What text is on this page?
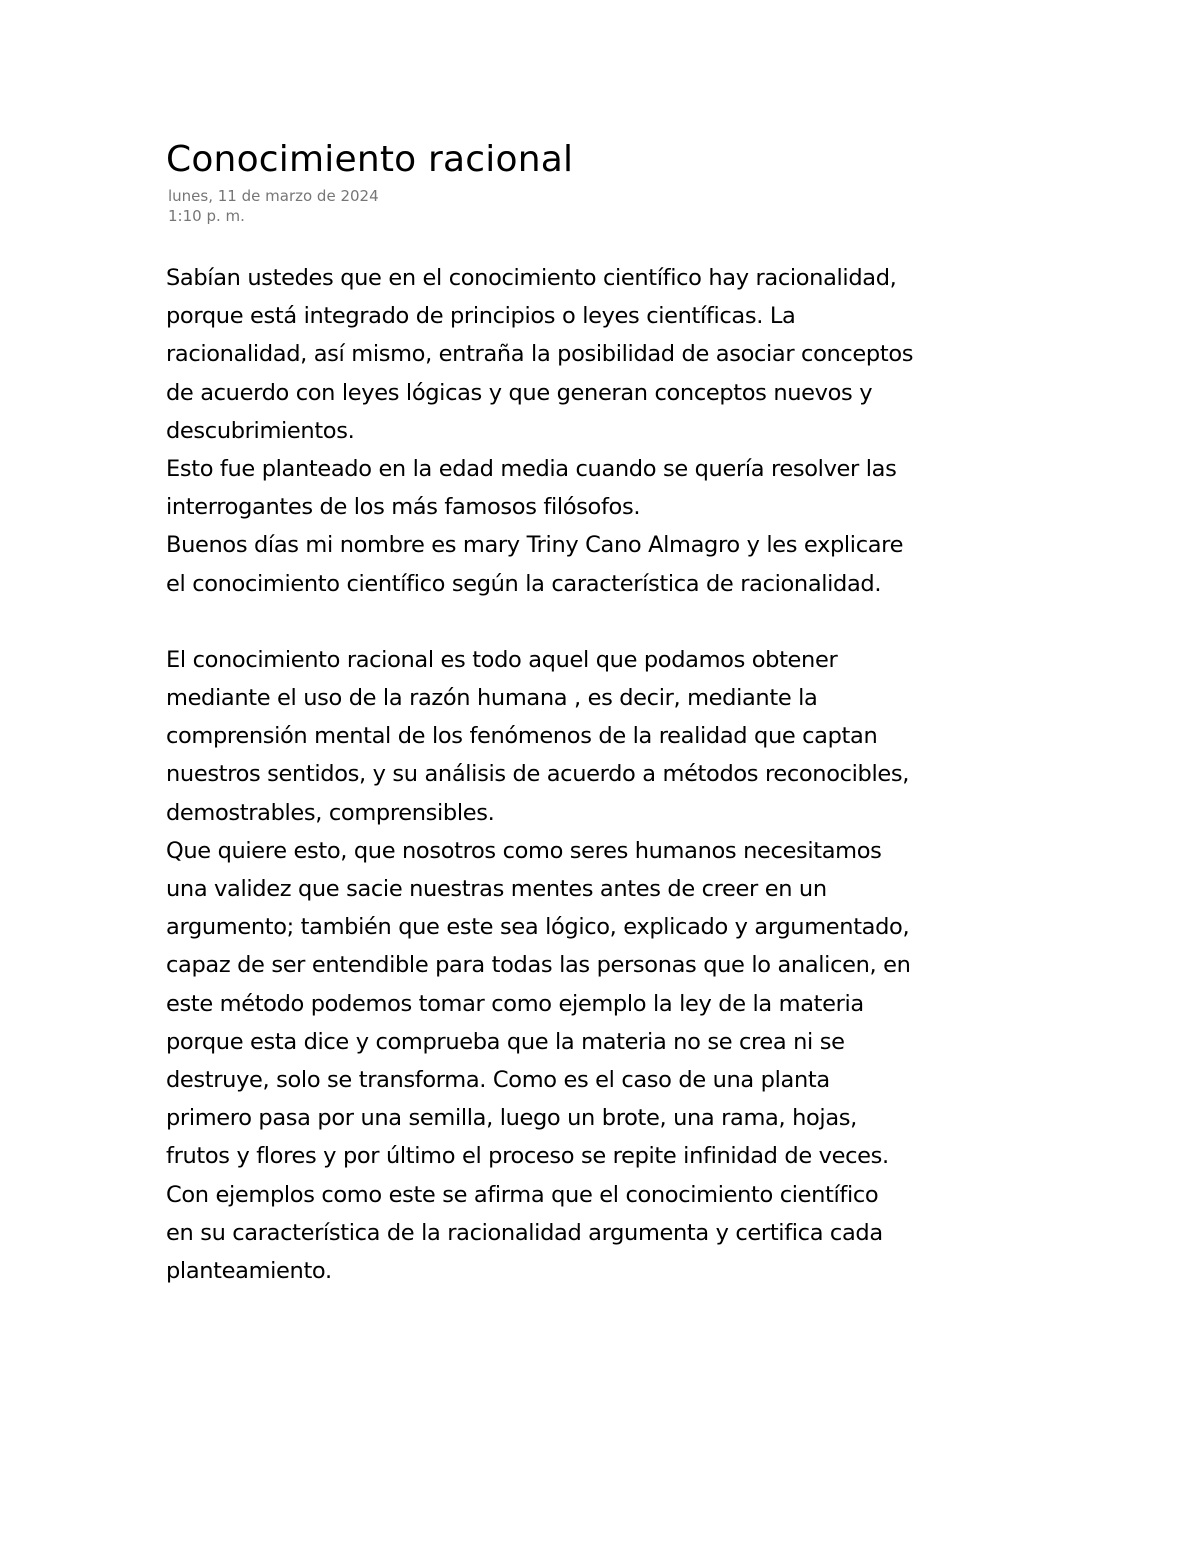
Conocimiento racional
lunes, 11 de marzo de 2024
1:10 p. m.
Sabían ustedes que en el conocimiento científico hay racionalidad,
porque está integrado de principios o leyes científicas. La
racionalidad, así mismo, entraña la posibilidad de asociar conceptos
de acuerdo con leyes lógicas y que generan conceptos nuevos y
descubrimientos.
Esto fue planteado en la edad media cuando se quería resolver las
interrogantes de los más famosos filósofos.
Buenos días mi nombre es mary Triny Cano Almagro y les explicare
el conocimiento científico según la característica de racionalidad.
El conocimiento racional es todo aquel que podamos obtener
mediante el uso de la razón humana , es decir, mediante la
comprensión mental de los fenómenos de la realidad que captan
nuestros sentidos, y su análisis de acuerdo a métodos reconocibles,
demostrables, comprensibles.
Que quiere esto, que nosotros como seres humanos necesitamos
una validez que sacie nuestras mentes antes de creer en un
argumento; también que este sea lógico, explicado y argumentado,
capaz de ser entendible para todas las personas que lo analicen, en
este método podemos tomar como ejemplo la ley de la materia
porque esta dice y comprueba que la materia no se crea ni se
destruye, solo se transforma. Como es el caso de una planta
primero pasa por una semilla, luego un brote, una rama, hojas,
frutos y flores y por último el proceso se repite infinidad de veces.
Con ejemplos como este se afirma que el conocimiento científico
en su característica de la racionalidad argumenta y certifica cada
planteamiento.
